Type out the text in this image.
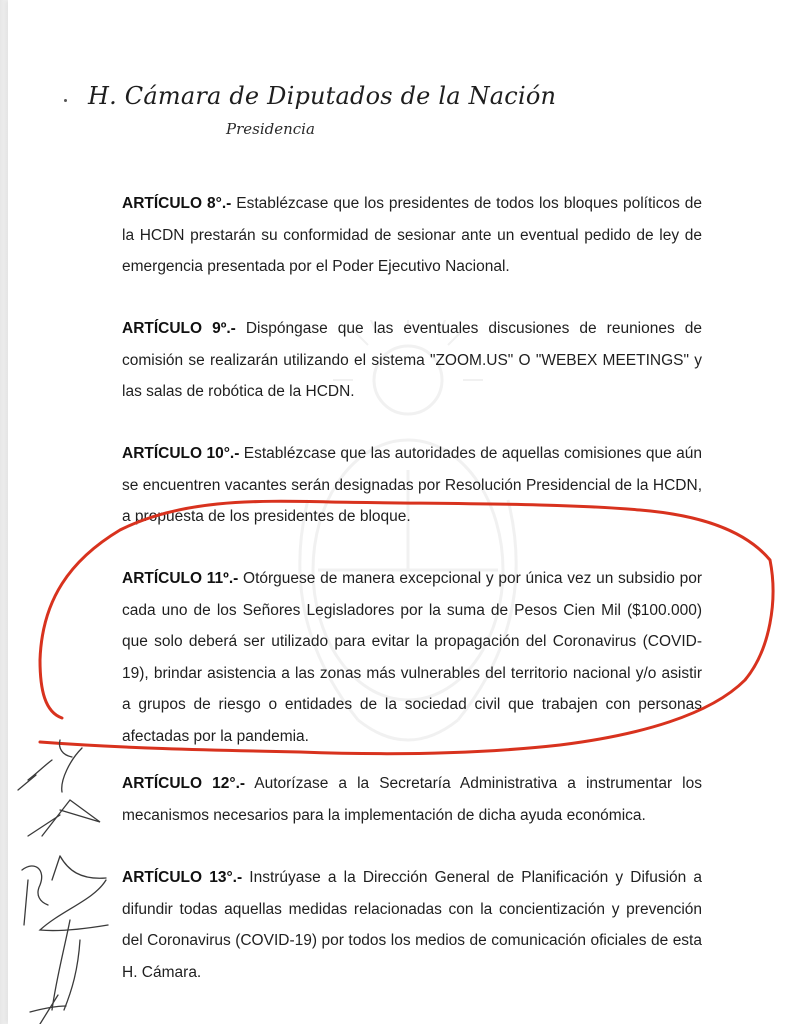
H. Cámara de Diputados de la Nación
Presidencia

ARTÍCULO 8°.- Establézcase que los presidentes de todos los bloques políticos de la HCDN prestarán su conformidad de sesionar ante un eventual pedido de ley de emergencia presentada por el Poder Ejecutivo Nacional.

ARTÍCULO 9º.- Dispóngase que las eventuales discusiones de reuniones de comisión se realizarán utilizando el sistema "ZOOM.US" O "WEBEX MEETINGS" y las salas de robótica de la HCDN.

ARTÍCULO 10°.- Establézcase que las autoridades de aquellas comisiones que aún se encuentren vacantes serán designadas por Resolución Presidencial de la HCDN, a propuesta de los presidentes de bloque.

ARTÍCULO 11º.- Otórguese de manera excepcional y por única vez un subsidio por cada uno de los Señores Legisladores por la suma de Pesos Cien Mil ($100.000) que solo deberá ser utilizado para evitar la propagación del Coronavirus (COVID-19), brindar asistencia a las zonas más vulnerables del territorio nacional y/o asistir a grupos de riesgo o entidades de la sociedad civil que trabajen con personas afectadas por la pandemia.

ARTÍCULO 12°.- Autorízase a la Secretaría Administrativa a instrumentar los mecanismos necesarios para la implementación de dicha ayuda económica.

ARTÍCULO 13°.- Instrúyase a la Dirección General de Planificación y Difusión a difundir todas aquellas medidas relacionadas con la concientización y prevención del Coronavirus (COVID-19) por todos los medios de comunicación oficiales de esta H. Cámara.
